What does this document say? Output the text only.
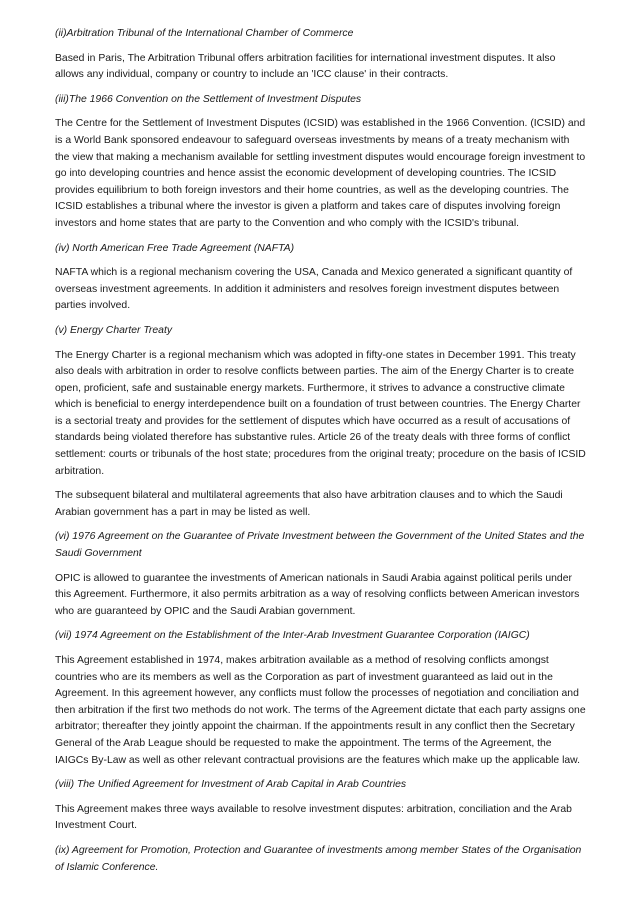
(ii)Arbitration Tribunal of the International Chamber of Commerce

Based in Paris, The Arbitration Tribunal offers arbitration facilities for international investment disputes. It also allows any individual, company or country to include an 'ICC clause' in their contracts.

(iii)The 1966 Convention on the Settlement of Investment Disputes

The Centre for the Settlement of Investment Disputes (ICSID) was established in the 1966 Convention. (ICSID) and is a World Bank sponsored endeavour to safeguard overseas investments by means of a treaty mechanism with the view that making a mechanism available for settling investment disputes would encourage foreign investment to go into developing countries and hence assist the economic development of developing countries. The ICSID provides equilibrium to both foreign investors and their home countries, as well as the developing countries. The ICSID establishes a tribunal where the investor is given a platform and takes care of disputes involving foreign investors and home states that are party to the Convention and who comply with the ICSID's tribunal.

(iv) North American Free Trade Agreement (NAFTA)

NAFTA which is a regional mechanism covering the USA, Canada and Mexico generated a significant quantity of overseas investment agreements. In addition it administers and resolves foreign investment disputes between parties involved.

(v) Energy Charter Treaty

The Energy Charter is a regional mechanism which was adopted in fifty-one states in December 1991. This treaty also deals with arbitration in order to resolve conflicts between parties. The aim of the Energy Charter is to create open, proficient, safe and sustainable energy markets. Furthermore, it strives to advance a constructive climate which is beneficial to energy interdependence built on a foundation of trust between countries. The Energy Charter is a sectorial treaty and provides for the settlement of disputes which have occurred as a result of accusations of standards being violated therefore has substantive rules. Article 26 of the treaty deals with three forms of conflict settlement: courts or tribunals of the host state; procedures from the original treaty; procedure on the basis of ICSID arbitration.

The subsequent bilateral and multilateral agreements that also have arbitration clauses and to which the Saudi Arabian government has a part in may be listed as well.

(vi) 1976 Agreement on the Guarantee of Private Investment between the Government of the United States and the Saudi Government

OPIC is allowed to guarantee the investments of American nationals in Saudi Arabia against political perils under this Agreement. Furthermore, it also permits arbitration as a way of resolving conflicts between American investors who are guaranteed by OPIC and the Saudi Arabian government.

(vii) 1974 Agreement on the Establishment of the Inter-Arab Investment Guarantee Corporation (IAIGC)

This Agreement established in 1974, makes arbitration available as a method of resolving conflicts amongst countries who are its members as well as the Corporation as part of investment guaranteed as laid out in the Agreement. In this agreement however, any conflicts must follow the processes of negotiation and conciliation and then arbitration if the first two methods do not work. The terms of the Agreement dictate that each party assigns one arbitrator; thereafter they jointly appoint the chairman. If the appointments result in any conflict then the Secretary General of the Arab League should be requested to make the appointment. The terms of the Agreement, the IAIGCs By-Law as well as other relevant contractual provisions are the features which make up the applicable law.

(viii) The Unified Agreement for Investment of Arab Capital in Arab Countries

This Agreement makes three ways available to resolve investment disputes: arbitration, conciliation and the Arab Investment Court.

(ix) Agreement for Promotion, Protection and Guarantee of investments among member States of the Organisation of Islamic Conference.
